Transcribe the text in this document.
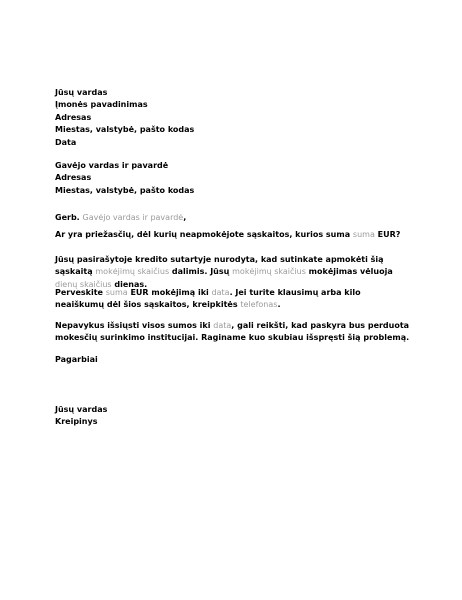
Jūsų vardas

Įmonės pavadinimas

Adresas

Miestas, valstybė, pašto kodas

Data

Gavėjo vardas ir pavardė

Adresas

Miestas, valstybė, pašto kodas

Gerb. Gavėjo vardas ir pavardė,

Ar yra priežasčių, dėl kurių neapmokėjote sąskaitos, kurios suma suma EUR?

Jūsų pasirašytoje kredito sutartyje nurodyta, kad sutinkate apmokėti šią sąskaitą mokėjimų skaičius dalimis. Jūsų mokėjimų skaičius mokėjimas vėluoja dienų skaičius dienas.

Perveskite suma EUR mokėjimą iki data. Jei turite klausimų arba kilo neaiškumų dėl šios sąskaitos, kreipkitės telefonas.

Nepavykus išsiųsti visos sumos iki data, gali reikšti, kad paskyra bus perduota mokesčių surinkimo institucijai. Raginame kuo skubiau išspręsti šią problemą.

Pagarbiai

Jūsų vardas

Kreipinys
